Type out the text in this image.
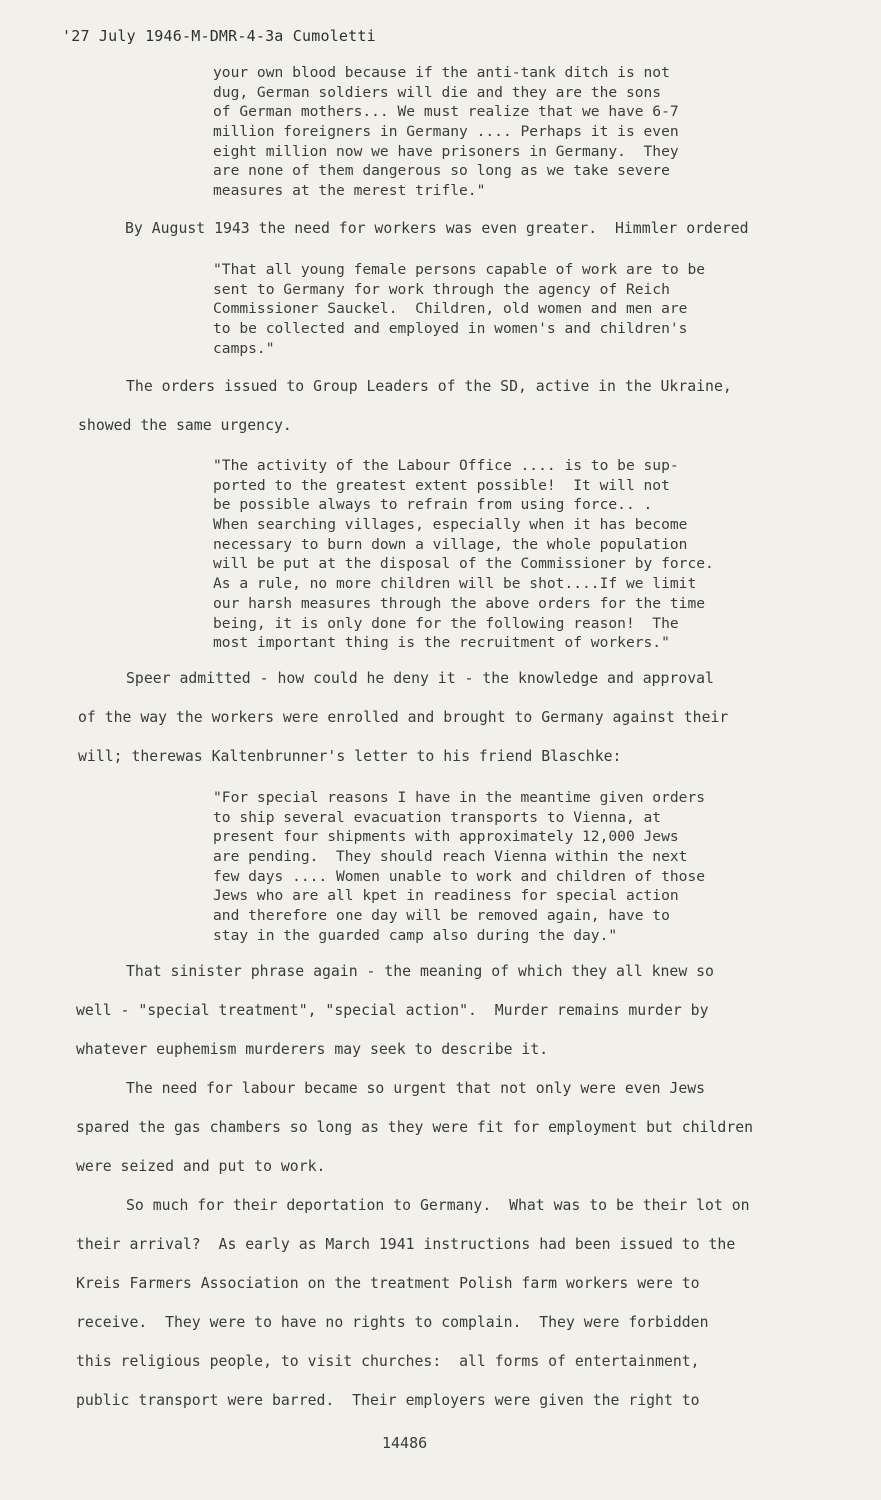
'27 July 1946-M-DMR-4-3a Cumoletti
your own blood because if the anti-tank ditch is not
dug, German soldiers will die and they are the sons
of German mothers... We must realize that we have 6-7
million foreigners in Germany .... Perhaps it is even
eight million now we have prisoners in Germany.  They
are none of them dangerous so long as we take severe
measures at the merest trifle."
By August 1943 the need for workers was even greater.  Himmler ordered
"That all young female persons capable of work are to be
sent to Germany for work through the agency of Reich
Commissioner Sauckel.  Children, old women and men are
to be collected and employed in women's and children's
camps."
The orders issued to Group Leaders of the SD, active in the Ukraine,
showed the same urgency.
"The activity of the Labour Office .... is to be sup-
ported to the greatest extent possible!  It will not
be possible always to refrain from using force.. .
When searching villages, especially when it has become
necessary to burn down a village, the whole population
will be put at the disposal of the Commissioner by force.
As a rule, no more children will be shot....If we limit
our harsh measures through the above orders for the time
being, it is only done for the following reason!  The
most important thing is the recruitment of workers."
Speer admitted - how could he deny it - the knowledge and approval
of the way the workers were enrolled and brought to Germany against their
will; therewas Kaltenbrunner's letter to his friend Blaschke:
"For special reasons I have in the meantime given orders
to ship several evacuation transports to Vienna, at
present four shipments with approximately 12,000 Jews
are pending.  They should reach Vienna within the next
few days .... Women unable to work and children of those
Jews who are all kpet in readiness for special action
and therefore one day will be removed again, have to
stay in the guarded camp also during the day."
That sinister phrase again - the meaning of which they all knew so
well - "special treatment", "special action".  Murder remains murder by
whatever euphemism murderers may seek to describe it.
The need for labour became so urgent that not only were even Jews
spared the gas chambers so long as they were fit for employment but children
were seized and put to work.
So much for their deportation to Germany.  What was to be their lot on
their arrival?  As early as March 1941 instructions had been issued to the
Kreis Farmers Association on the treatment Polish farm workers were to
receive.  They were to have no rights to complain.  They were forbidden
this religious people, to visit churches:  all forms of entertainment,
public transport were barred.  Their employers were given the right to
14486
